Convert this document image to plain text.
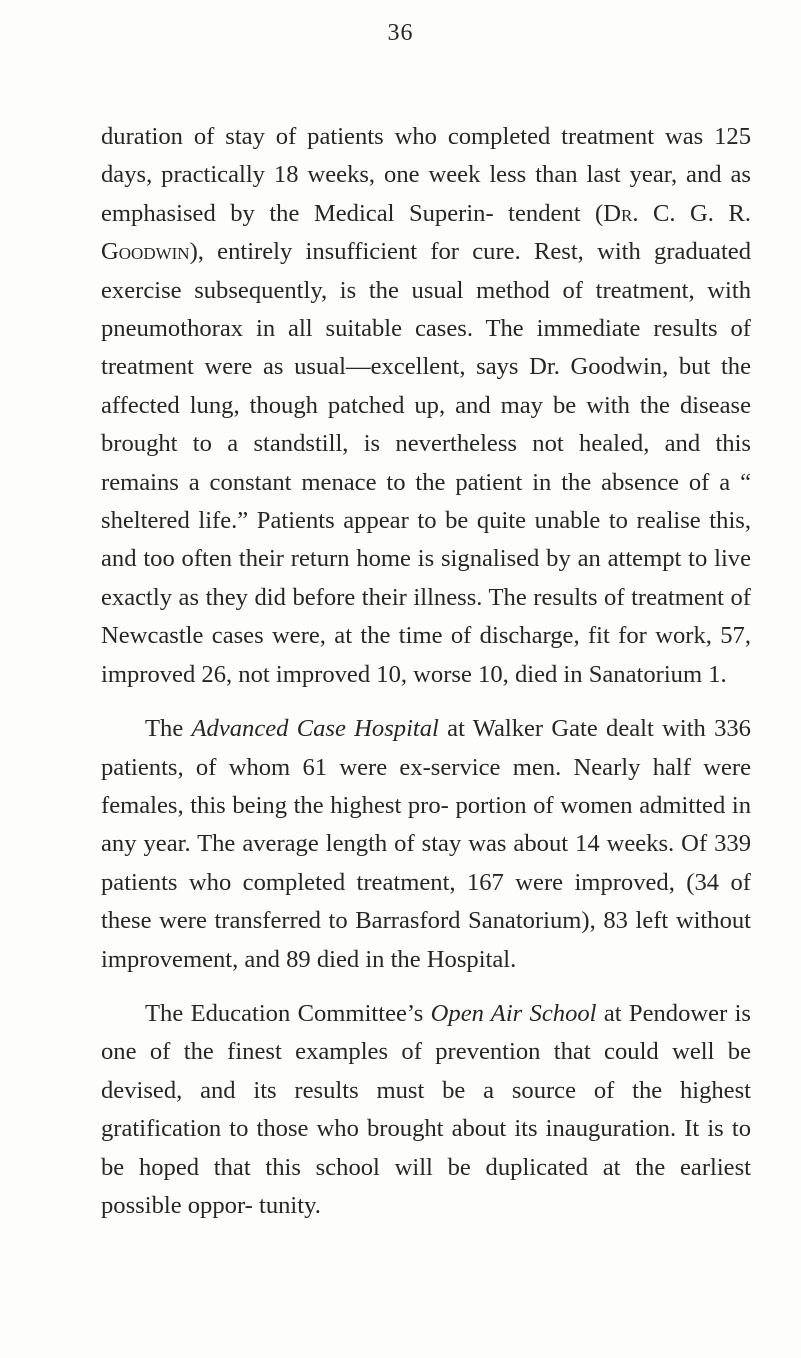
36

duration of stay of patients who completed treatment was 125 days, practically 18 weeks, one week less than last year, and as emphasised by the Medical Superin- tendent (Dr. C. G. R. Goodwin), entirely insufficient for cure. Rest, with graduated exercise subsequently, is the usual method of treatment, with pneumothorax in all suitable cases. The immediate results of treatment were as usual—excellent, says Dr. Goodwin, but the affected lung, though patched up, and may be with the disease brought to a standstill, is nevertheless not healed, and this remains a constant menace to the patient in the absence of a “ sheltered life.” Patients appear to be quite unable to realise this, and too often their return home is signalised by an attempt to live exactly as they did before their illness. The results of treatment of Newcastle cases were, at the time of discharge, fit for work, 57, improved 26, not improved 10, worse 10, died in Sanatorium 1.

The Advanced Case Hospital at Walker Gate dealt with 336 patients, of whom 61 were ex-service men. Nearly half were females, this being the highest pro- portion of women admitted in any year. The average length of stay was about 14 weeks. Of 339 patients who completed treatment, 167 were improved, (34 of these were transferred to Barrasford Sanatorium), 83 left without improvement, and 89 died in the Hospital.

The Education Committee’s Open Air School at Pendower is one of the finest examples of prevention that could well be devised, and its results must be a source of the highest gratification to those who brought about its inauguration. It is to be hoped that this school will be duplicated at the earliest possible oppor- tunity.
